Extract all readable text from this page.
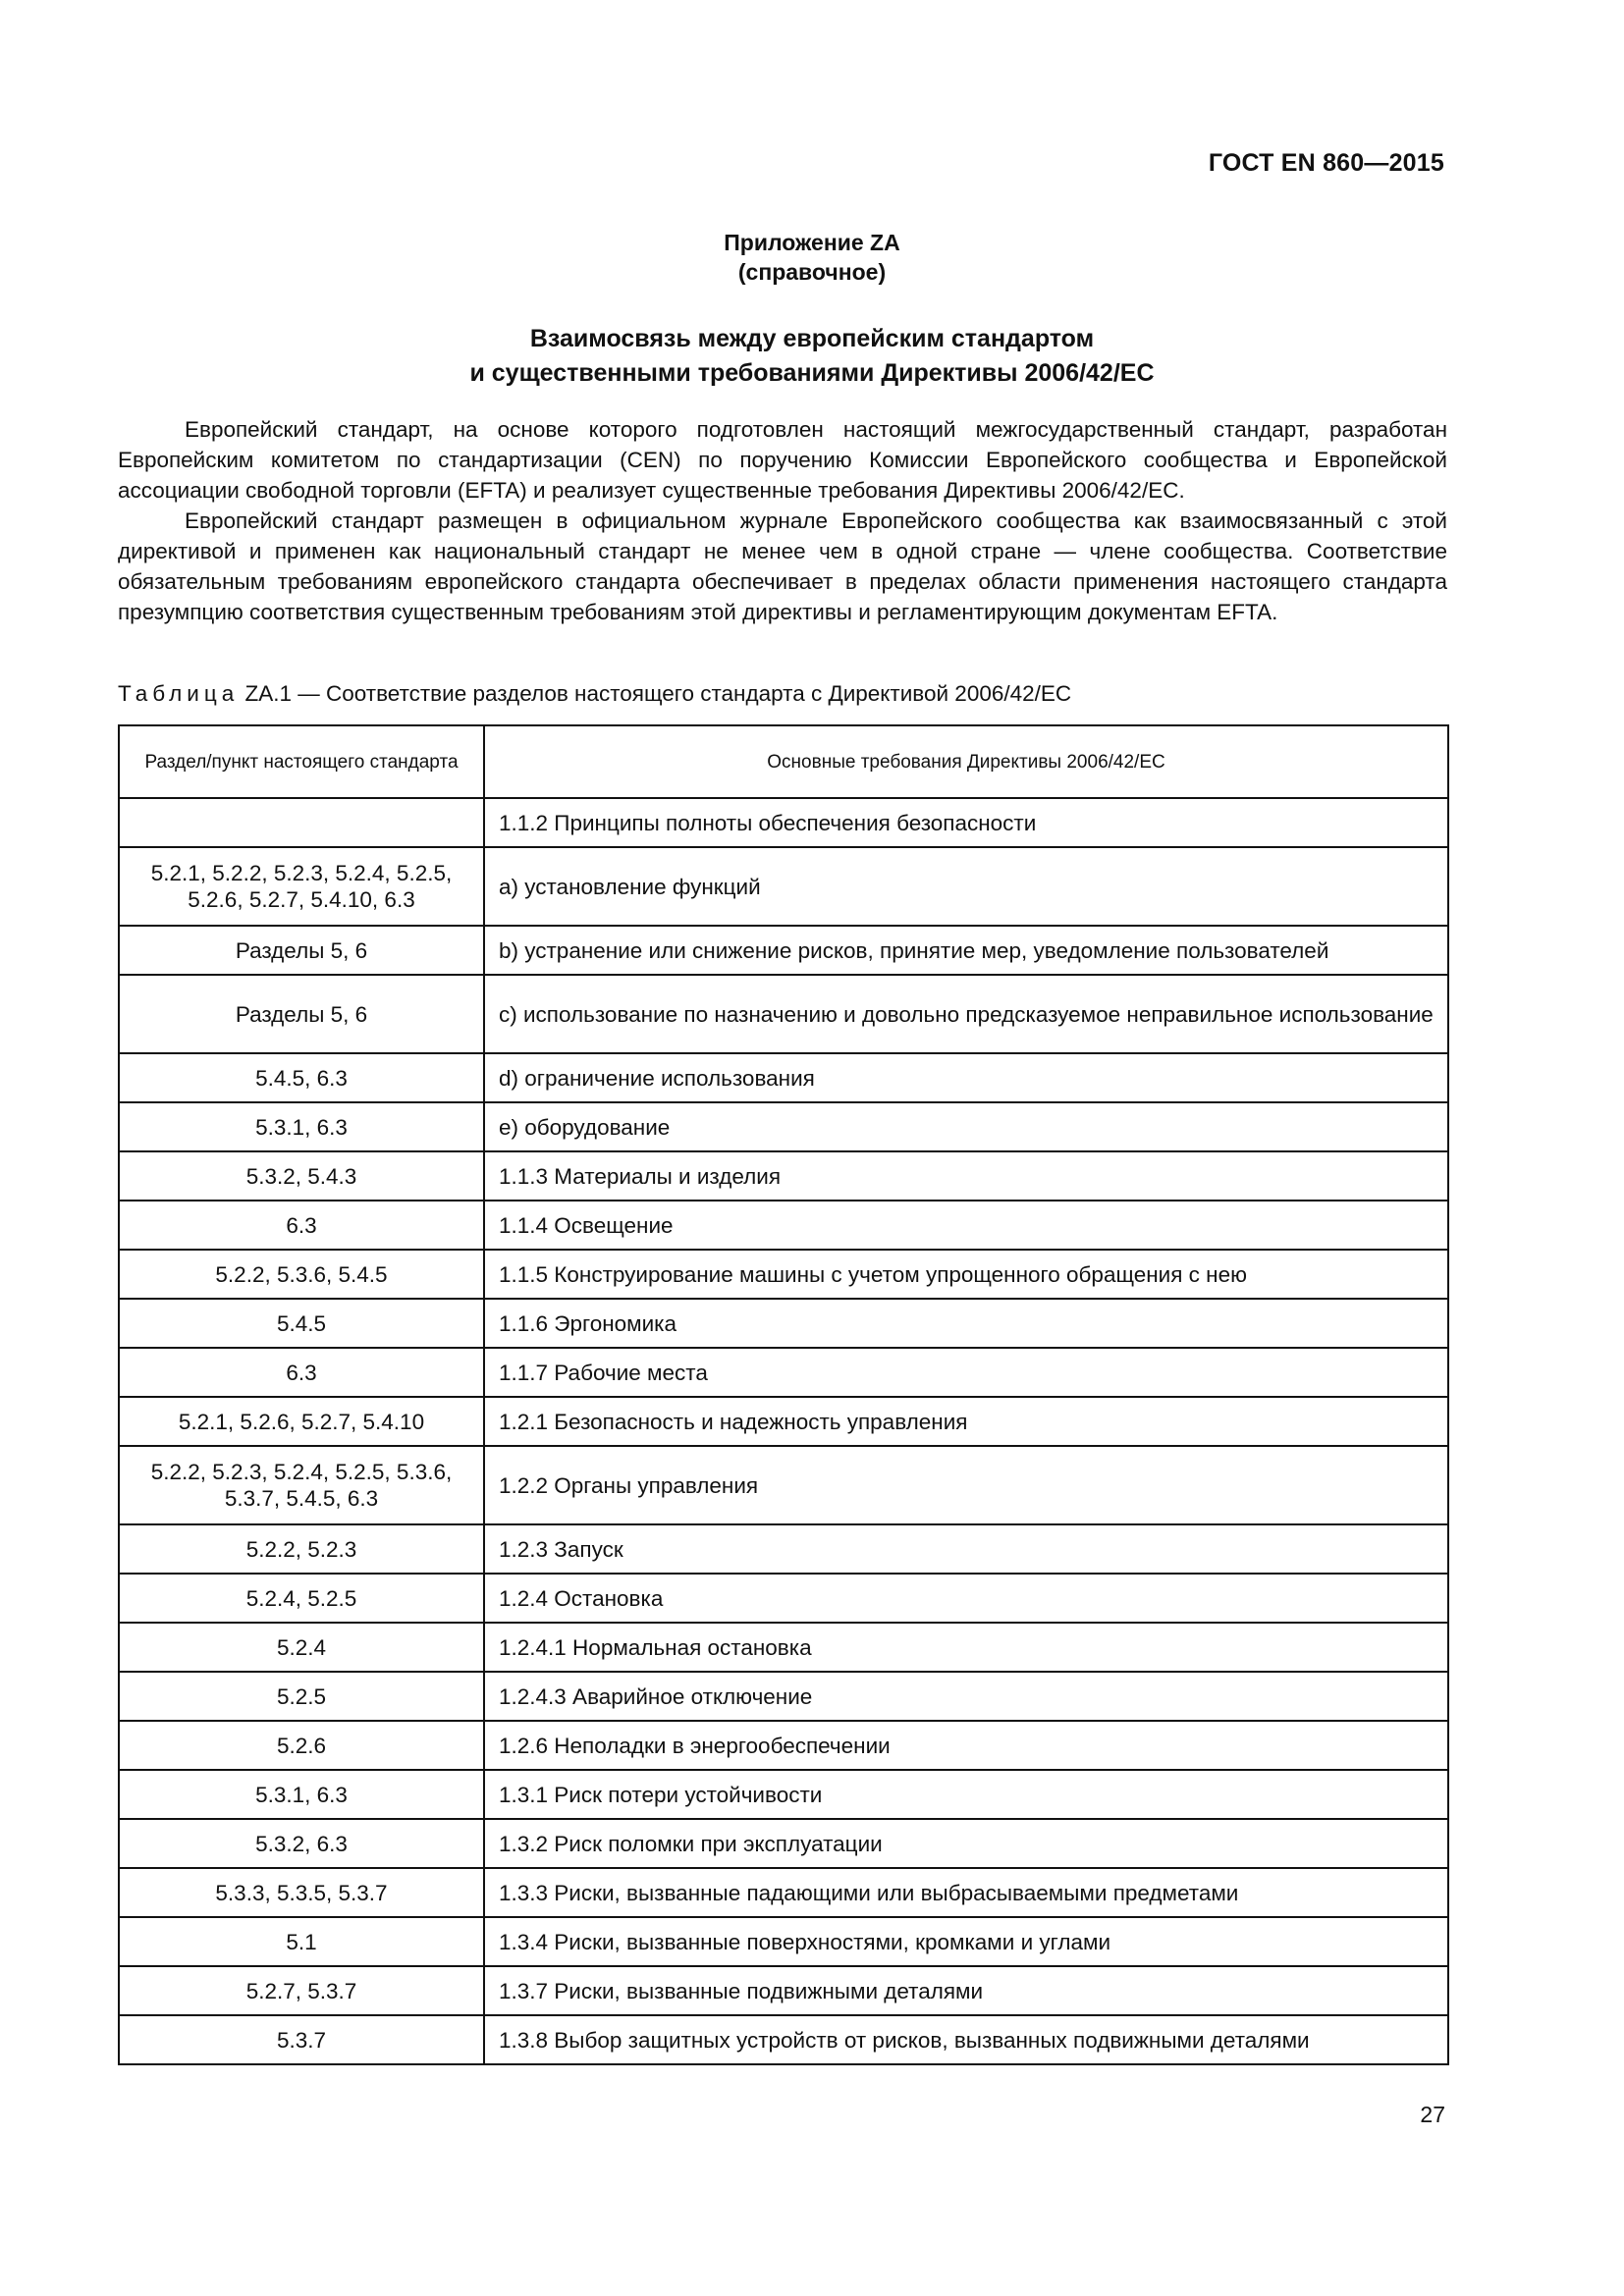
ГОСТ EN 860—2015
Приложение ZA
(справочное)
Взаимосвязь между европейским стандартом
и существенными требованиями Директивы 2006/42/ЕС

Европейский стандарт, на основе которого подготовлен настоящий межгосударственный стандарт, разработан Европейским комитетом по стандартизации (CEN) по поручению Комиссии Европейского сообщества и Европейской ассоциации свободной торговли (EFTA) и реализует существенные требования Директивы 2006/42/ЕС.

Европейский стандарт размещен в официальном журнале Европейского сообщества как взаимосвязанный с этой директивой и применен как национальный стандарт не менее чем в одной стране — члене сообщества. Соответствие обязательным требованиям европейского стандарта обеспечивает в пределах области применения настоящего стандарта презумпцию соответствия существенным требованиям этой директивы и регламентирующим документам EFTA.

Таблица ZA.1 — Соответствие разделов настоящего стандарта с Директивой 2006/42/ЕС
Раздел/пункт настоящего стандарта	Основные требования Директивы 2006/42/ЕС
	1.1.2 Принципы полноты обеспечения безопасности
5.2.1, 5.2.2, 5.2.3, 5.2.4, 5.2.5, 5.2.6, 5.2.7, 5.4.10, 6.3	a) установление функций
Разделы 5, 6	b) устранение или снижение рисков, принятие мер, уведомление пользователей
Разделы 5, 6	c) использование по назначению и довольно предсказуемое неправильное использование
5.4.5, 6.3	d) ограничение использования
5.3.1, 6.3	e) оборудование
5.3.2, 5.4.3	1.1.3 Материалы и изделия
6.3	1.1.4 Освещение
5.2.2, 5.3.6, 5.4.5	1.1.5 Конструирование машины с учетом упрощенного обращения с нею
5.4.5	1.1.6 Эргономика
6.3	1.1.7 Рабочие места
5.2.1, 5.2.6, 5.2.7, 5.4.10	1.2.1 Безопасность и надежность управления
5.2.2, 5.2.3, 5.2.4, 5.2.5, 5.3.6, 5.3.7, 5.4.5, 6.3	1.2.2 Органы управления
5.2.2, 5.2.3	1.2.3 Запуск
5.2.4, 5.2.5	1.2.4 Остановка
5.2.4	1.2.4.1 Нормальная остановка
5.2.5	1.2.4.3 Аварийное отключение
5.2.6	1.2.6 Неполадки в энергообеспечении
5.3.1, 6.3	1.3.1 Риск потери устойчивости
5.3.2, 6.3	1.3.2 Риск поломки при эксплуатации
5.3.3, 5.3.5, 5.3.7	1.3.3 Риски, вызванные падающими или выбрасываемыми предметами
5.1	1.3.4 Риски, вызванные поверхностями, кромками и углами
5.2.7, 5.3.7	1.3.7 Риски, вызванные подвижными деталями
5.3.7	1.3.8 Выбор защитных устройств от рисков, вызванных подвижными деталями
27
